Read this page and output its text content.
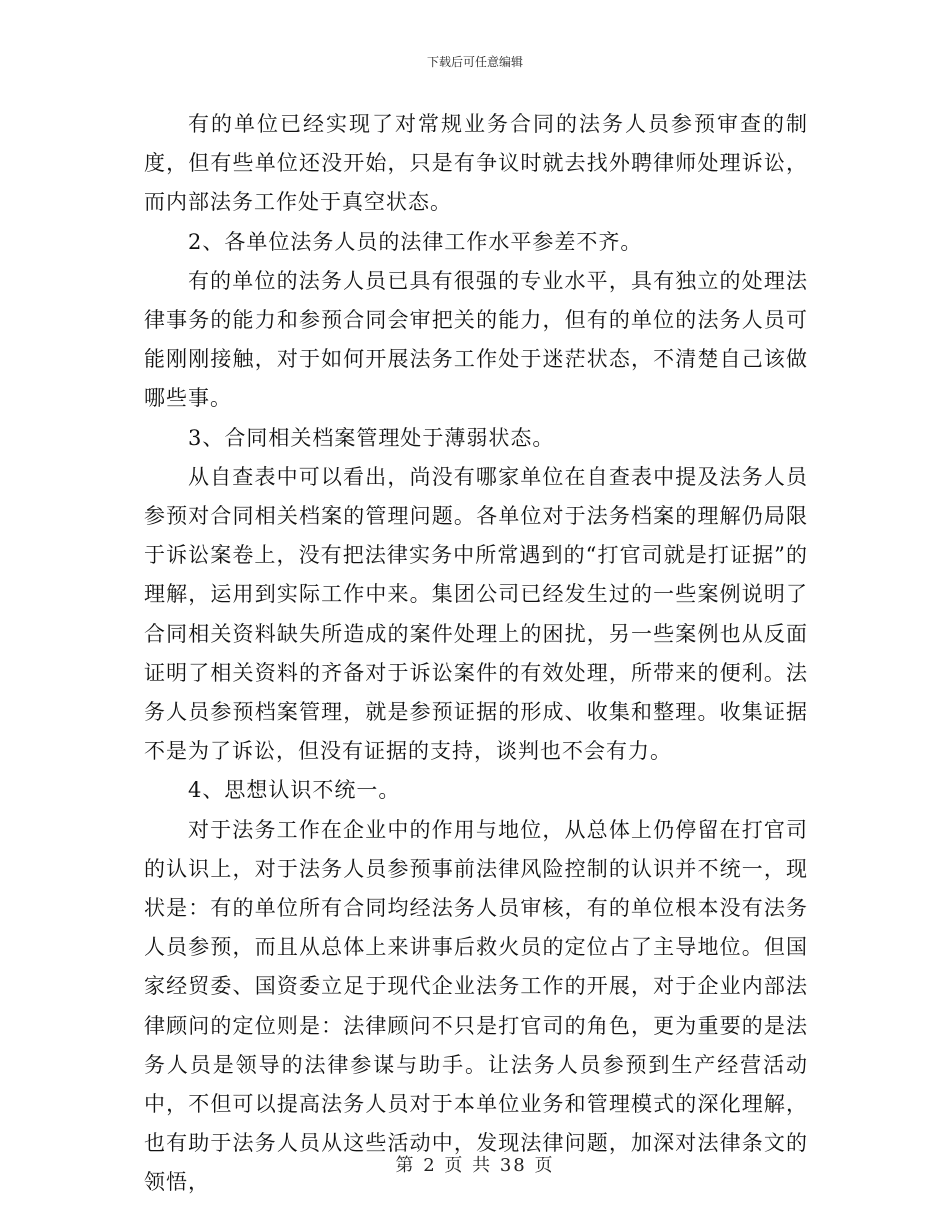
下载后可任意编辑

有的单位已经实现了对常规业务合同的法务人员参预审查的制度，但有些单位还没开始，只是有争议时就去找外聘律师处理诉讼，而内部法务工作处于真空状态。

2、各单位法务人员的法律工作水平参差不齐。

有的单位的法务人员已具有很强的专业水平，具有独立的处理法律事务的能力和参预合同会审把关的能力，但有的单位的法务人员可能刚刚接触，对于如何开展法务工作处于迷茫状态，不清楚自己该做哪些事。

3、合同相关档案管理处于薄弱状态。

从自查表中可以看出，尚没有哪家单位在自查表中提及法务人员参预对合同相关档案的管理问题。各单位对于法务档案的理解仍局限于诉讼案卷上，没有把法律实务中所常遇到的“打官司就是打证据”的理解，运用到实际工作中来。集团公司已经发生过的一些案例说明了合同相关资料缺失所造成的案件处理上的困扰，另一些案例也从反面证明了相关资料的齐备对于诉讼案件的有效处理，所带来的便利。法务人员参预档案管理，就是参预证据的形成、收集和整理。收集证据不是为了诉讼，但没有证据的支持，谈判也不会有力。

4、思想认识不统一。

对于法务工作在企业中的作用与地位，从总体上仍停留在打官司的认识上，对于法务人员参预事前法律风险控制的认识并不统一，现状是：有的单位所有合同均经法务人员审核，有的单位根本没有法务人员参预，而且从总体上来讲事后救火员的定位占了主导地位。但国家经贸委、国资委立足于现代企业法务工作的开展，对于企业内部法律顾问的定位则是：法律顾问不只是打官司的角色，更为重要的是法务人员是领导的法律参谋与助手。让法务人员参预到生产经营活动中，不但可以提高法务人员对于本单位业务和管理模式的深化理解，也有助于法务人员从这些活动中，发现法律问题，加深对法律条文的领悟，

第 2 页 共 38 页
